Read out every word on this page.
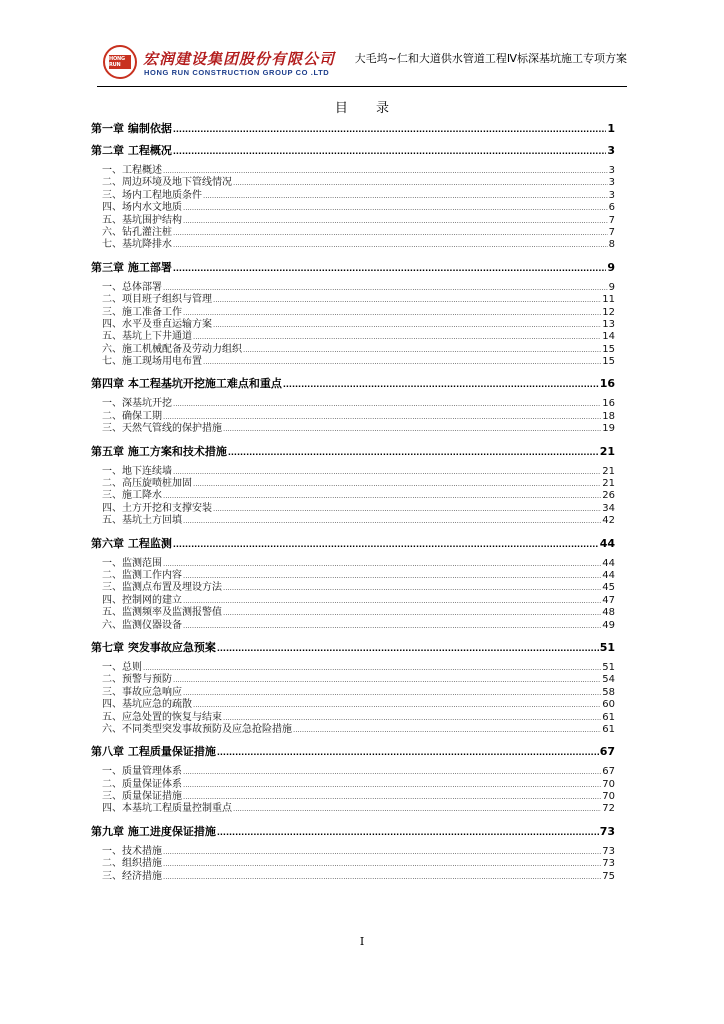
HONG RUN	宏润建设集团股份有限公司
HONG RUN CONSTRUCTION GROUP CO .LTD
大毛坞~仁和大道供水管道工程Ⅳ标深基坑施工专项方案
目 录
第一章 编制依据 .....	1
第二章 工程概况 .....	3
一、工程概述 .....	3
二、周边环境及地下管线情况 .....	3
三、场内工程地质条件 .....	3
四、场内水文地质 .....	6
五、基坑围护结构 .....	7
六、钻孔灌注桩 .....	7
七、基坑降排水 .....	8
第三章 施工部署 .....	9
一、总体部署 .....	9
二、项目班子组织与管理 .....	11
三、施工准备工作 .....	12
四、水平及垂直运输方案 .....	13
五、基坑上下井通道 .....	14
六、施工机械配备及劳动力组织 .....	15
七、施工现场用电布置 .....	15
第四章 本工程基坑开挖施工难点和重点 .....	16
一、深基坑开挖 .....	16
二、确保工期 .....	18
三、天然气管线的保护措施 .....	19
第五章 施工方案和技术措施 .....	21
一、地下连续墙 .....	21
二、高压旋喷桩加固 .....	21
三、施工降水 .....	26
四、土方开挖和支撑安装 .....	34
五、基坑土方回填 .....	42
第六章 工程监测 .....	44
一、监测范围 .....	44
二、监测工作内容 .....	44
三、监测点布置及埋设方法 .....	45
四、控制网的建立 .....	47
五、监测频率及监测报警值 .....	48
六、监测仪器设备 .....	49
第七章 突发事故应急预案 .....	51
一、总则 .....	51
二、预警与预防 .....	54
三、事故应急响应 .....	58
四、基坑应急的疏散 .....	60
五、应急处置的恢复与结束 .....	61
六、不同类型突发事故预防及应急抢险措施 .....	61
第八章 工程质量保证措施 .....	67
一、质量管理体系 .....	67
二、质量保证体系 .....	70
三、质量保证措施 .....	70
四、本基坑工程质量控制重点 .....	72
第九章 施工进度保证措施 .....	73
一、技术措施 .....	73
二、组织措施 .....	73
三、经济措施 .....	75
I
